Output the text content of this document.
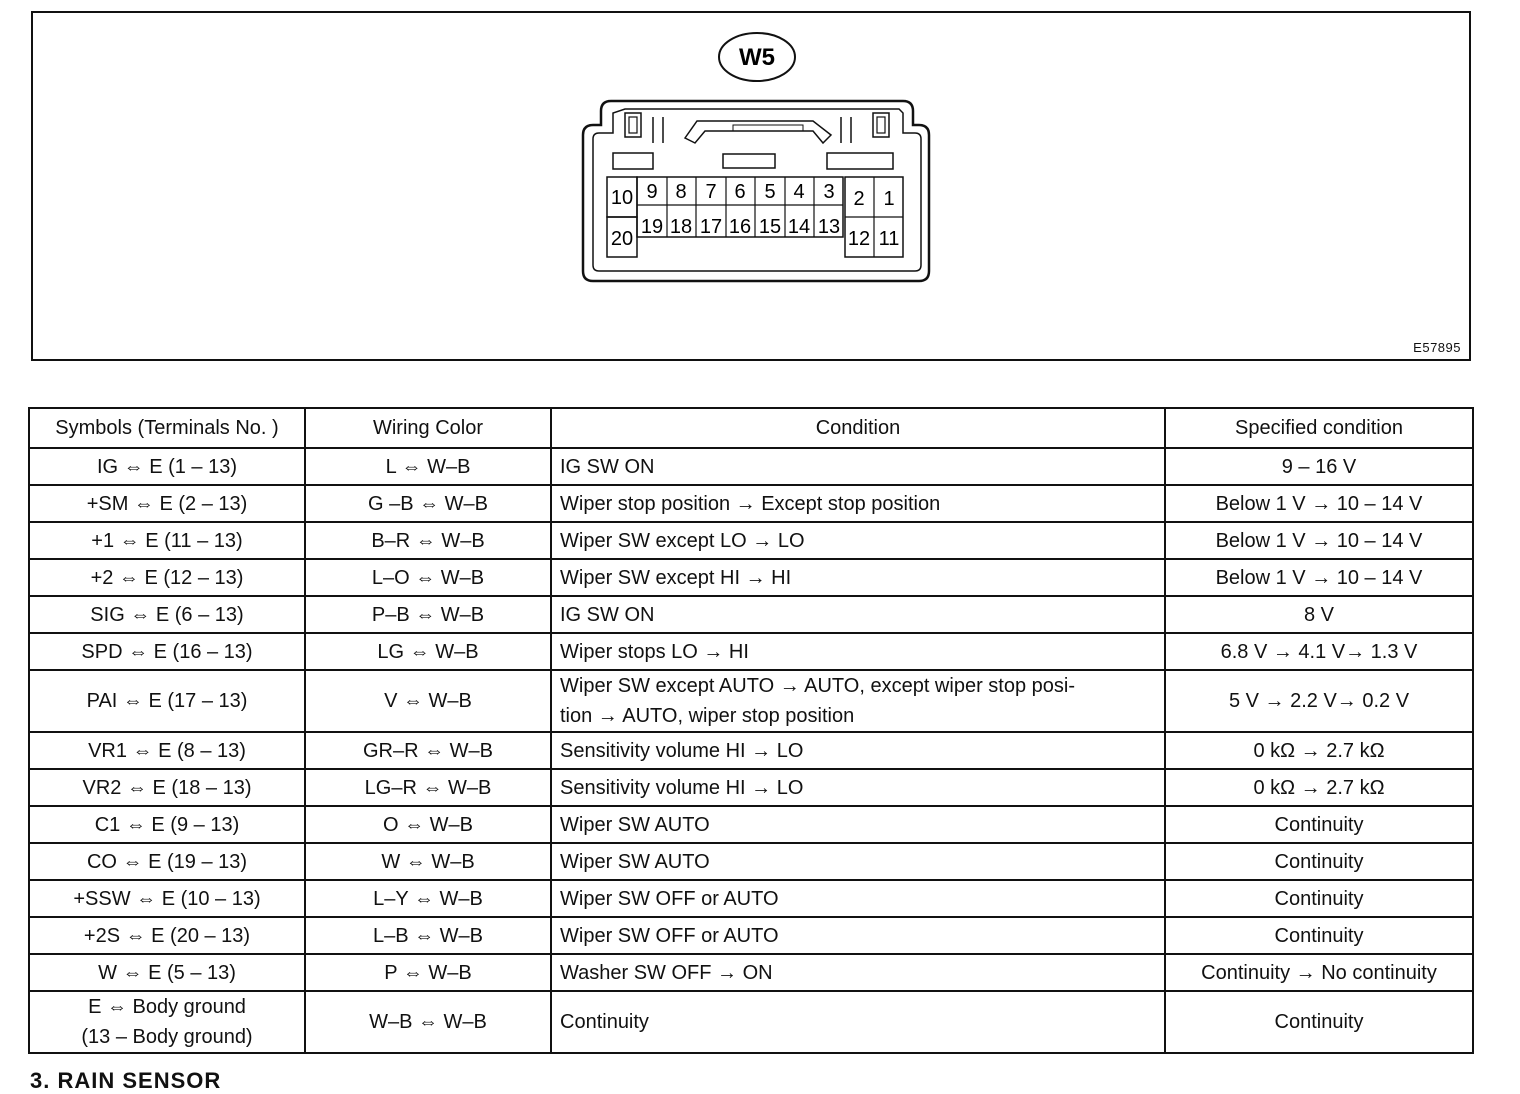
W5
10
20
9 8 7 6 5 4 3
19 18 17 16 15 14 13
2 1
12 11
E57895
Symbols (Terminals No. )	Wiring Color	Condition	Specified condition
IG ⇔ E (1 – 13)	L ⇔ W–B	IG SW ON	9 – 16 V
+SM ⇔ E (2 – 13)	G –B ⇔ W–B	Wiper stop position → Except stop position	Below 1 V → 10 – 14 V
+1 ⇔ E (11 – 13)	B–R ⇔ W–B	Wiper SW except LO → LO	Below 1 V → 10 – 14 V
+2 ⇔ E (12 – 13)	L–O ⇔ W–B	Wiper SW except HI → HI	Below 1 V → 10 – 14 V
SIG ⇔ E (6 – 13)	P–B ⇔ W–B	IG SW ON	8 V
SPD ⇔ E (16 – 13)	LG ⇔ W–B	Wiper stops LO → HI	6.8 V → 4.1 V→ 1.3 V
PAI ⇔ E (17 – 13)	V ⇔ W–B	Wiper SW except AUTO → AUTO, except wiper stop posi-
tion → AUTO, wiper stop position	5 V → 2.2 V→ 0.2 V
VR1 ⇔ E (8 – 13)	GR–R ⇔ W–B	Sensitivity volume HI → LO	0 kΩ → 2.7 kΩ
VR2 ⇔ E (18 – 13)	LG–R ⇔ W–B	Sensitivity volume HI → LO	0 kΩ → 2.7 kΩ
C1 ⇔ E (9 – 13)	O ⇔ W–B	Wiper SW AUTO	Continuity
CO ⇔ E (19 – 13)	W ⇔ W–B	Wiper SW AUTO	Continuity
+SSW ⇔ E (10 – 13)	L–Y ⇔ W–B	Wiper SW OFF or AUTO	Continuity
+2S ⇔ E (20 – 13)	L–B ⇔ W–B	Wiper SW OFF or AUTO	Continuity
W ⇔ E (5 – 13)	P ⇔ W–B	Washer SW OFF → ON	Continuity → No continuity

E ⇔ Body ground
(13 – Body ground)	W–B ⇔ W–B	Continuity	Continuity
3. RAIN SENSOR
